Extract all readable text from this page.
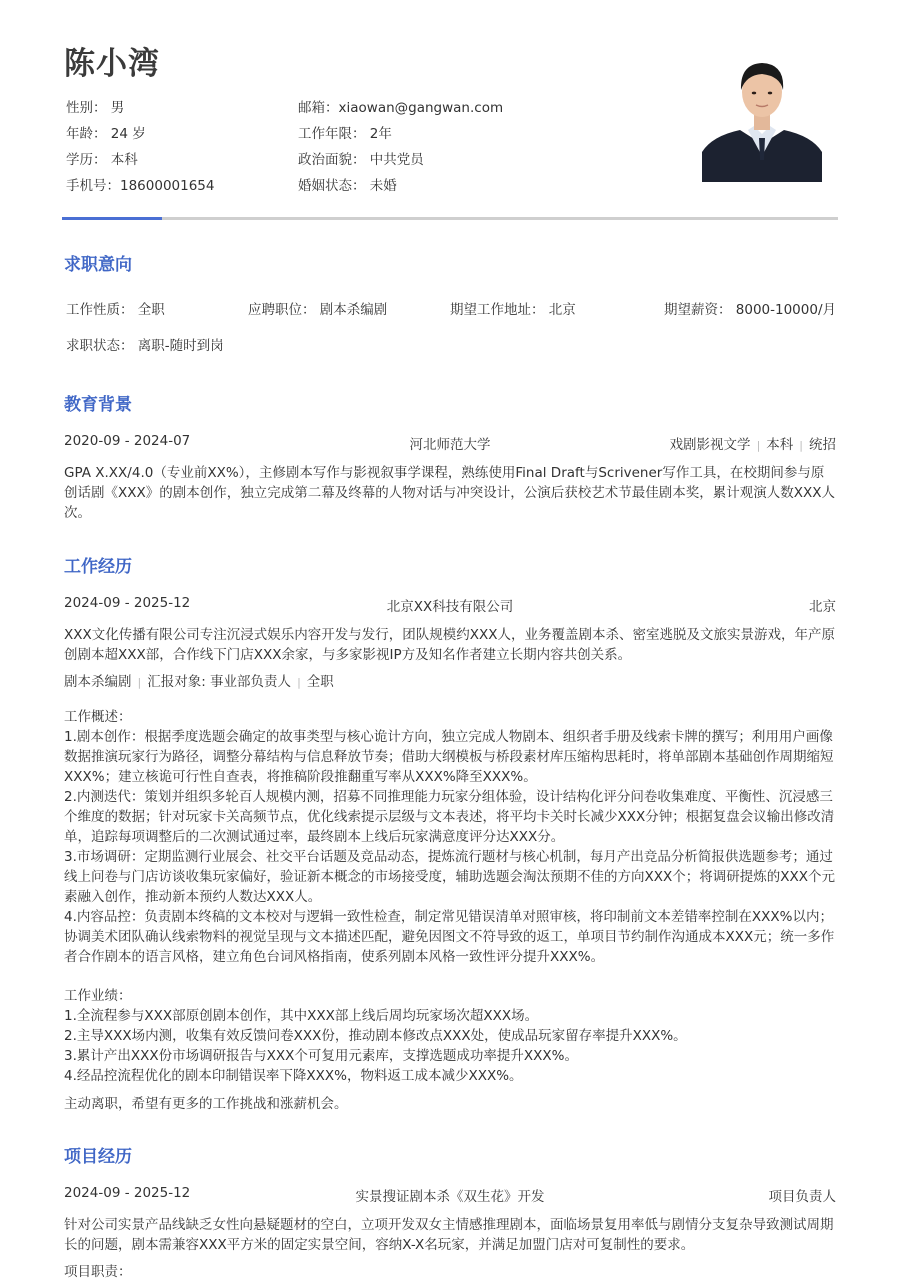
陈小湾
性别： 男
年龄： 24 岁
学历： 本科
手机号：18600001654
邮箱：xiaowan@gangwan.com
工作年限： 2年
政治面貌： 中共党员
婚姻状态： 未婚
求职意向
工作性质： 全职	应聘职位： 剧本杀编剧	期望工作地址： 北京	期望薪资： 8000-10000/月
求职状态： 离职-随时到岗
教育背景
2020-09 - 2024-07	河北师范大学	戏剧影视文学 | 本科 | 统招
GPA X.XX/4.0（专业前XX%），主修剧本写作与影视叙事学课程，熟练使用Final Draft与Scrivener写作工具，在校期间参与原创话剧《XXX》的剧本创作，独立完成第二幕及终幕的人物对话与冲突设计，公演后获校艺术节最佳剧本奖，累计观演人数XXX人次。
工作经历
2024-09 - 2025-12	北京XX科技有限公司	北京
XXX文化传播有限公司专注沉浸式娱乐内容开发与发行，团队规模约XXX人，业务覆盖剧本杀、密室逃脱及文旅实景游戏，年产原创剧本超XXX部，合作线下门店XXX余家，与多家影视IP方及知名作者建立长期内容共创关系。
剧本杀编剧 | 汇报对象: 事业部负责人 | 全职
工作概述：
1.剧本创作：根据季度选题会确定的故事类型与核心诡计方向，独立完成人物剧本、组织者手册及线索卡牌的撰写；利用用户画像数据推演玩家行为路径，调整分幕结构与信息释放节奏；借助大纲模板与桥段素材库压缩构思耗时，将单部剧本基础创作周期缩短XXX%；建立核诡可行性自查表，将推稿阶段推翻重写率从XXX%降至XXX%。
2.内测迭代：策划并组织多轮百人规模内测，招募不同推理能力玩家分组体验，设计结构化评分问卷收集难度、平衡性、沉浸感三个维度的数据；针对玩家卡关高频节点，优化线索提示层级与文本表述，将平均卡关时长减少XXX分钟；根据复盘会议输出修改清单，追踪每项调整后的二次测试通过率，最终剧本上线后玩家满意度评分达XXX分。
3.市场调研：定期监测行业展会、社交平台话题及竞品动态，提炼流行题材与核心机制，每月产出竞品分析简报供选题参考；通过线上问卷与门店访谈收集玩家偏好，验证新本概念的市场接受度，辅助选题会淘汰预期不佳的方向XXX个；将调研提炼的XXX个元素融入创作，推动新本预约人数达XXX人。
4.内容品控：负责剧本终稿的文本校对与逻辑一致性检查，制定常见错误清单对照审核，将印制前文本差错率控制在XXX%以内；协调美术团队确认线索物料的视觉呈现与文本描述匹配，避免因图文不符导致的返工，单项目节约制作沟通成本XXX元；统一多作者合作剧本的语言风格，建立角色台词风格指南，使系列剧本风格一致性评分提升XXX%。
工作业绩：
1.全流程参与XXX部原创剧本创作，其中XXX部上线后周均玩家场次超XXX场。
2.主导XXX场内测，收集有效反馈问卷XXX份，推动剧本修改点XXX处，使成品玩家留存率提升XXX%。
3.累计产出XXX份市场调研报告与XXX个可复用元素库，支撑选题成功率提升XXX%。
4.经品控流程优化的剧本印制错误率下降XXX%，物料返工成本减少XXX%。
主动离职，希望有更多的工作挑战和涨薪机会。
项目经历
2024-09 - 2025-12	实景搜证剧本杀《双生花》开发	项目负责人
针对公司实景产品线缺乏女性向悬疑题材的空白，立项开发双女主情感推理剧本，面临场景复用率低与剧情分支复杂导致测试周期长的问题，剧本需兼容XXX平方米的固定实景空间，容纳X-X名玩家，并满足加盟门店对可复制性的要求。
项目职责：
